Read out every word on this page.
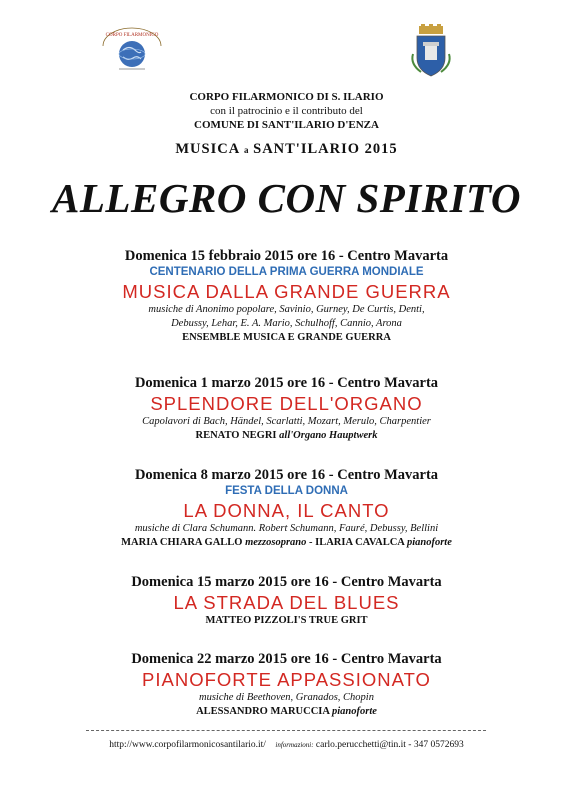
CORPO FILARMONICO
CORPO FILARMONICO DI S. ILARIO
con il patrocinio e il contributo del
COMUNE DI SANT'ILARIO D'ENZA
MUSICA a SANT'ILARIO 2015
ALLEGRO CON SPIRITO
Domenica 15 febbraio 2015 ore 16 - Centro Mavarta
CENTENARIO DELLA PRIMA GUERRA MONDIALE
MUSICA DALLA GRANDE GUERRA
musiche di Anonimo popolare, Savinio, Gurney, De Curtis, Denti,
Debussy, Lehar, E. A. Mario, Schulhoff, Cannio, Arona
ENSEMBLE MUSICA E GRANDE GUERRA
Domenica 1 marzo 2015 ore 16 - Centro Mavarta
SPLENDORE DELL'ORGANO
Capolavori di Bach, Händel, Scarlatti, Mozart, Merulo, Charpentier
RENATO NEGRI all'Organo Hauptwerk
Domenica 8 marzo 2015 ore 16 - Centro Mavarta
FESTA DELLA DONNA
LA DONNA, IL CANTO
musiche di Clara Schumann. Robert Schumann, Fauré, Debussy, Bellini
MARIA CHIARA GALLO mezzosoprano - ILARIA CAVALCA pianoforte
Domenica 15 marzo 2015 ore 16 - Centro Mavarta
LA STRADA DEL BLUES
MATTEO PIZZOLI'S TRUE GRIT
Domenica 22 marzo 2015 ore 16 - Centro Mavarta
PIANOFORTE APPASSIONATO
musiche di Beethoven, Granados, Chopin
ALESSANDRO MARUCCIA pianoforte
http://www.corpofilarmonicosantilario.it/ informazioni: carlo.perucchetti@tin.it - 347 0572693
